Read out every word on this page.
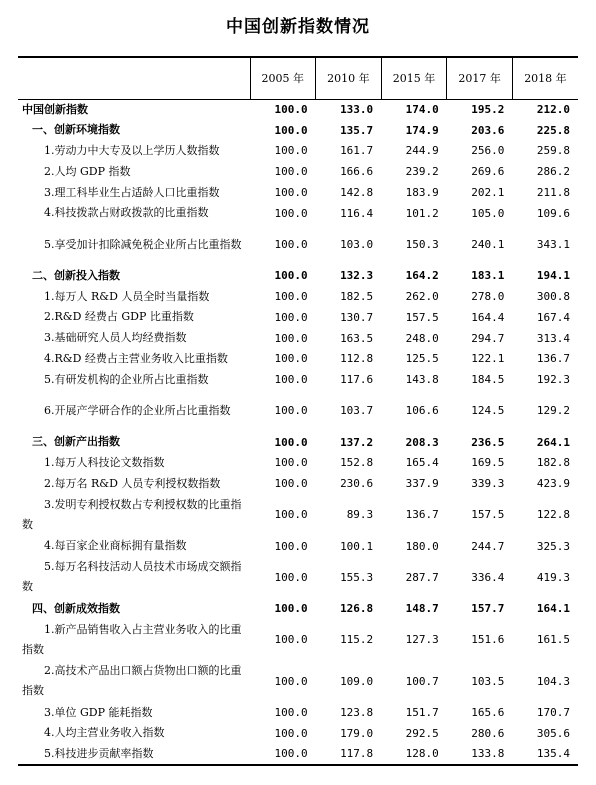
中国创新指数情况
	2005 年	2010 年	2015 年	2017 年	2018 年
中国创新指数	100.0	133.0	174.0	195.2	212.0
一、创新环境指数	100.0	135.7	174.9	203.6	225.8
1.劳动力中大专及以上学历人数指数	100.0	161.7	244.9	256.0	259.8
2.人均 GDP 指数	100.0	166.6	239.2	269.6	286.2
3.理工科毕业生占适龄人口比重指数	100.0	142.8	183.9	202.1	211.8
4.科技拨款占财政拨款的比重指数	100.0	116.4	101.2	105.0	109.6
5.享受加计扣除减免税企业所占比重指数	100.0	103.0	150.3	240.1	343.1
二、创新投入指数	100.0	132.3	164.2	183.1	194.1
1.每万人 R&D 人员全时当量指数	100.0	182.5	262.0	278.0	300.8
2.R&D 经费占 GDP 比重指数	100.0	130.7	157.5	164.4	167.4
3.基础研究人员人均经费指数	100.0	163.5	248.0	294.7	313.4
4.R&D 经费占主营业务收入比重指数	100.0	112.8	125.5	122.1	136.7
5.有研发机构的企业所占比重指数	100.0	117.6	143.8	184.5	192.3
6.开展产学研合作的企业所占比重指数	100.0	103.7	106.6	124.5	129.2
三、创新产出指数	100.0	137.2	208.3	236.5	264.1
1.每万人科技论文数指数	100.0	152.8	165.4	169.5	182.8
2.每万名 R&D 人员专利授权数指数	100.0	230.6	337.9	339.3	423.9
3.发明专利授权数占专利授权数的比重指数	100.0	89.3	136.7	157.5	122.8
4.每百家企业商标拥有量指数	100.0	100.1	180.0	244.7	325.3
5.每万名科技活动人员技术市场成交额指数	100.0	155.3	287.7	336.4	419.3
四、创新成效指数	100.0	126.8	148.7	157.7	164.1
1.新产品销售收入占主营业务收入的比重指数	100.0	115.2	127.3	151.6	161.5
2.高技术产品出口额占货物出口额的比重指数	100.0	109.0	100.7	103.5	104.3
3.单位 GDP 能耗指数	100.0	123.8	151.7	165.6	170.7
4.人均主营业务收入指数	100.0	179.0	292.5	280.6	305.6
5.科技进步贡献率指数	100.0	117.8	128.0	133.8	135.4
